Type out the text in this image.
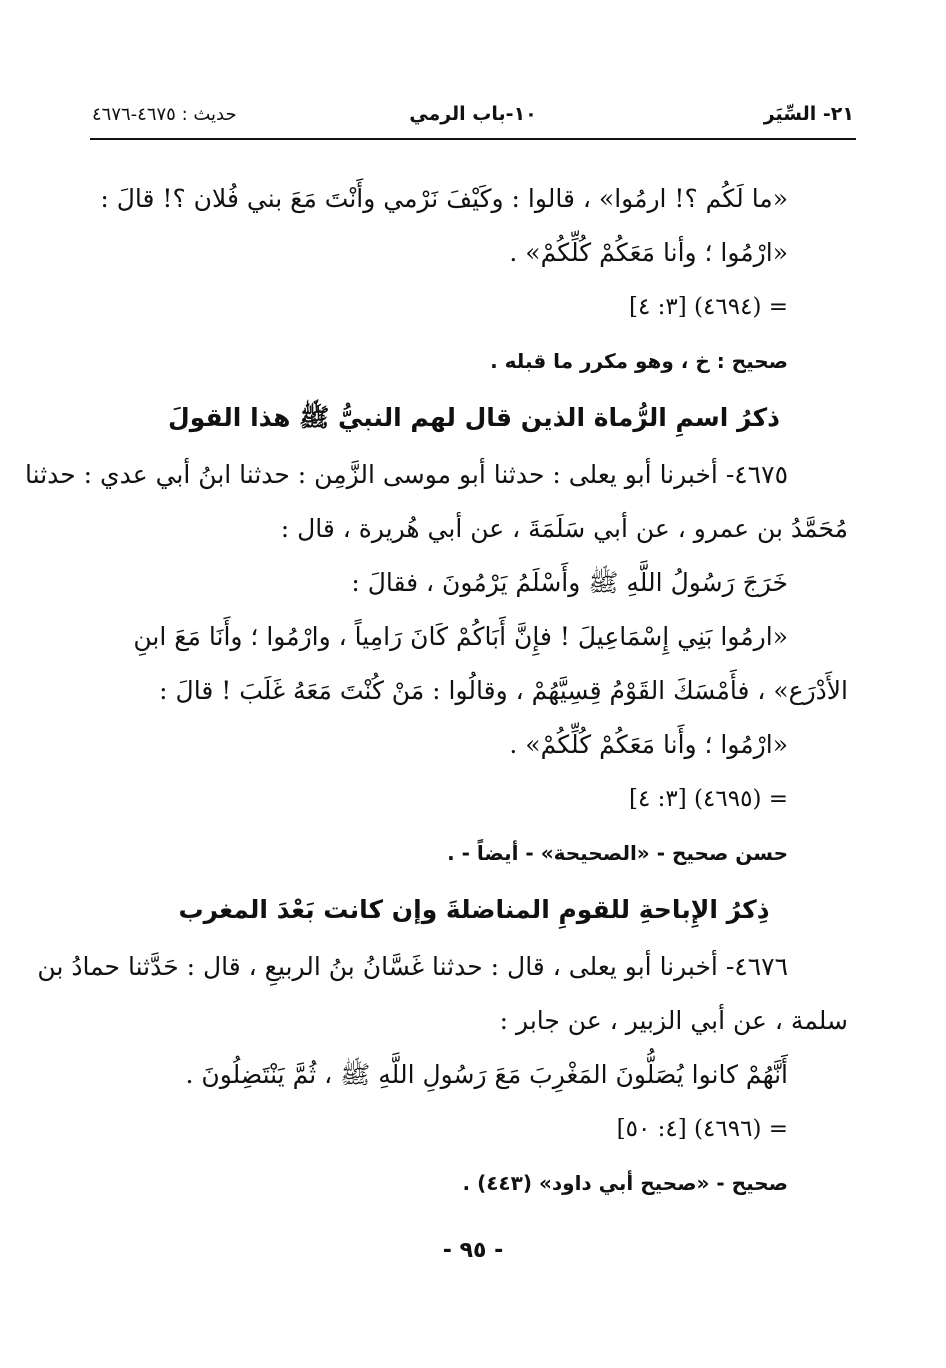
٢١- السِّيَر
١٠-باب الرمي
حديث : ٤٦٧٥-٤٦٧٦
«ما لَكُم ؟! ارمُوا» ، قالوا : وكَيْفَ نَرْمي وأَنْتَ مَعَ بني فُلان ؟! قالَ :
«ارْمُوا ؛ وأنا مَعَكُمْ كُلِّكُمْ» .
= (٤٦٩٤) [٣: ٤]
صحيح : خ ، وهو مكرر ما قبله .
ذكرُ اسمِ الرُّماة الذين قال لهم النبيُّ ﷺ هذا القولَ
٤٦٧٥- أخبرنا أبو يعلى : حدثنا أبو موسى الزَّمِن : حدثنا ابنُ أبي عدي : حدثنا
مُحَمَّدُ بن عمرو ، عن أبي سَلَمَةَ ، عن أبي هُريرة ، قال :
خَرَجَ رَسُولُ اللَّهِ ﷺ وأَسْلَمُ يَرْمُونَ ، فقالَ :
«ارمُوا بَنِي إِسْمَاعِيلَ ! فإِنَّ أَبَاكُمْ كَانَ رَامِياً ، وارْمُوا ؛ وأَنَا مَعَ ابنِ
الأَدْرَع» ، فأَمْسَكَ القَوْمُ قِسِيَّهُمْ ، وقالُوا : مَنْ كُنْتَ مَعَهُ غَلَبَ ! قالَ :
«ارْمُوا ؛ وأَنا مَعَكُمْ كُلِّكُمْ» .
= (٤٦٩٥) [٣: ٤]
حسن صحيح - «الصحيحة» - أيضاً - .
ذِكرُ الإِباحةِ للقومِ المناضلةَ وإن كانت بَعْدَ المغرب
٤٦٧٦- أخبرنا أبو يعلى ، قال : حدثنا غَسَّانُ بنُ الربيعِ ، قال : حَدَّثنا حمادُ بن
سلمة ، عن أبي الزبير ، عن جابر :
أَنَّهُمْ كانوا يُصَلُّونَ المَغْرِبَ مَعَ رَسُولِ اللَّهِ ﷺ ، ثُمَّ يَنْتَضِلُونَ .
= (٤٦٩٦) [٤: ٥٠]
صحيح - «صحيح أبي داود» (٤٤٣) .
- ٩٥ -
